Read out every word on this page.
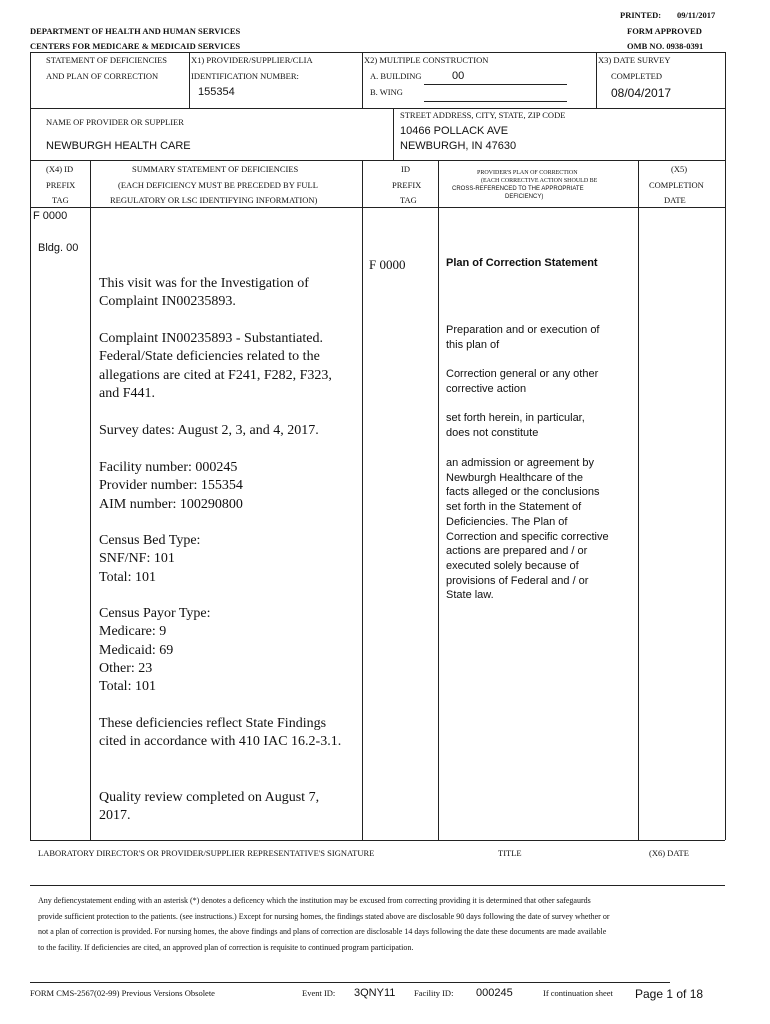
PRINTED: 09/11/2017
DEPARTMENT OF HEALTH AND HUMAN SERVICES	FORM APPROVED
CENTERS FOR MEDICARE & MEDICAID SERVICES	OMB NO. 0938-0391
STATEMENT OF DEFICIENCIES
AND PLAN OF CORRECTION
X1) PROVIDER/SUPPLIER/CLIA
IDENTIFICATION NUMBER:
155354
X2) MULTIPLE CONSTRUCTION
A. BUILDING	00
B. WING
X3) DATE SURVEY
COMPLETED
08/04/2017
NAME OF PROVIDER OR SUPPLIER
NEWBURGH HEALTH CARE
STREET ADDRESS, CITY, STATE, ZIP CODE
10466 POLLACK AVE
NEWBURGH, IN 47630
(X4) ID
PREFIX
TAG
SUMMARY STATEMENT OF DEFICIENCIES
(EACH DEFICIENCY MUST BE PRECEDED BY FULL
REGULATORY OR LSC IDENTIFYING INFORMATION)
ID
PREFIX
TAG
PROVIDER'S PLAN OF CORRECTION
(EACH CORRECTIVE ACTION SHOULD BE
CROSS-REFERENCED TO THE APPROPRIATE
DEFICIENCY)
(X5)
COMPLETION
DATE
F 0000
Bldg. 00
This visit was for the Investigation of Complaint IN00235893.
Complaint IN00235893 - Substantiated. Federal/State deficiencies related to the allegations are cited at F241, F282, F323, and F441.
Survey dates: August 2, 3, and 4, 2017.
Facility number: 000245
Provider number: 155354
AIM number: 100290800
Census Bed Type:
SNF/NF: 101
Total: 101
Census Payor Type:
Medicare: 9
Medicaid: 69
Other: 23
Total: 101
These deficiencies reflect State Findings cited in accordance with 410 IAC 16.2-3.1.
Quality review completed on August 7, 2017.
F 0000	Plan of Correction Statement
Preparation and or execution of
this plan of
Correction general or any other
corrective action
set forth herein, in particular,
does not constitute
an admission or agreement by
Newburgh Healthcare of the
facts alleged or the conclusions
set forth in the Statement of
Deficiencies. The Plan of
Correction and specific corrective
actions are prepared and / or
executed solely because of
provisions of Federal and / or
State law.
LABORATORY DIRECTOR'S OR PROVIDER/SUPPLIER REPRESENTATIVE'S SIGNATURE	TITLE	(X6) DATE
Any defiencystatement ending with an asterisk (*) denotes a deficency which the institution may be excused from correcting providing it is determined that other safegaurds provide sufficient protection to the patients. (see instructions.) Except for nursing homes, the findings stated above are disclosable 90 days following the date of survey whether or not a plan of correction is provided. For nursing homes, the above findings and plans of correction are disclosable 14 days following the date these documents are made available to the facility. If deficiencies are cited, an approved plan of correction is requisite to continued program participation.
FORM CMS-2567(02-99) Previous Versions Obsolete	Event ID: 3QNY11 Facility ID: 000245	If continuation sheet Page 1 of 18
